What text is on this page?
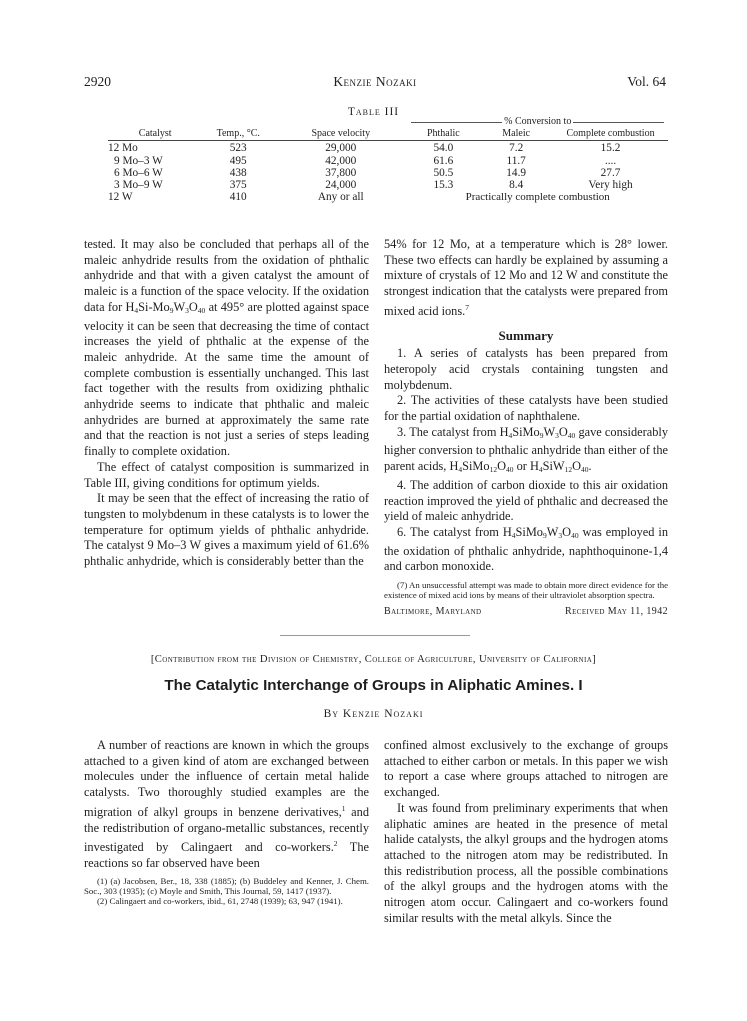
2920	Kenzie Nozaki	Vol. 64
Table III

% Conversion to		
Catalyst	Temp., °C.	Space velocity	Phthalic	Maleic	Complete combustion

12 Mo	523	29,000	54.0	7.2	15.2
9 Mo–3 W	495	42,000	61.6	11.7	....
6 Mo–6 W	438	37,800	50.5	14.9	27.7
3 Mo–9 W	375	24,000	15.3	8.4	Very high
12 W	410	Any or all	Practically complete combustion		

tested. It may also be concluded that perhaps all of the maleic anhydride results from the oxidation of phthalic anhydride and that with a given catalyst the amount of maleic is a function of the space velocity. If the oxidation data for $H_4Si-Mo_9W_3O_{40}$ at 495° are plotted against space velocity it can be seen that decreasing the time of contact increases the yield of phthalic at the expense of the maleic anhydride. At the same time the amount of complete combustion is essentially unchanged. This last fact together with the results from oxidizing phthalic anhydride seems to indicate that phthalic and maleic anhydrides are burned at approximately the same rate and that the reaction is not just a series of steps leading finally to complete oxidation.

The effect of catalyst composition is summarized in Table III, giving conditions for optimum yields.

It may be seen that the effect of increasing the ratio of tungsten to molybdenum in these catalysts is to lower the temperature for optimum yields of phthalic anhydride. The catalyst 9 Mo–3 W gives a maximum yield of 61.6% phthalic anhydride, which is considerably better than the

54% for 12 Mo, at a temperature which is 28° lower. These two effects can hardly be explained by assuming a mixture of crystals of 12 Mo and 12 W and constitute the strongest indication that the catalysts were prepared from mixed acid ions.$^7$

Summary

1. A series of catalysts has been prepared from heteropoly acid crystals containing tungsten and molybdenum.

2. The activities of these catalysts have been studied for the partial oxidation of naphthalene.

3. The catalyst from $H_4SiMo_9W_3O_{40}$ gave considerably higher conversion to phthalic anhydride than either of the parent acids, $H_4SiMo_{12}O_{40}$ or $H_4SiW_{12}O_{40}$.

4. The addition of carbon dioxide to this air oxidation reaction improved the yield of phthalic and decreased the yield of maleic anhydride.

6. The catalyst from $H_4SiMo_9W_3O_{40}$ was employed in the oxidation of phthalic anhydride, naphthoquinone-1,4 and carbon monoxide.

(7) An unsuccessful attempt was made to obtain more direct evidence for the existence of mixed acid ions by means of their ultraviolet absorption spectra.

Baltimore, Maryland	Received May 11, 1942

[Contribution from the Division of Chemistry, College of Agriculture, University of California]
The Catalytic Interchange of Groups in Aliphatic Amines. I
By Kenzie Nozaki

A number of reactions are known in which the groups attached to a given kind of atom are exchanged between molecules under the influence of certain metal halide catalysts. Two thoroughly studied examples are the migration of alkyl groups in benzene derivatives,$^1$ and the redistribution of organo-metallic substances, recently investigated by Calingaert and co-workers.$^2$ The reactions so far observed have been

(1) (a) Jacobsen, Ber., 18, 338 (1885); (b) Buddeley and Kenner, J. Chem. Soc., 303 (1935); (c) Moyle and Smith, This Journal, 59, 1417 (1937).

(2) Calingaert and co-workers, ibid., 61, 2748 (1939); 63, 947 (1941).

confined almost exclusively to the exchange of groups attached to either carbon or metals. In this paper we wish to report a case where groups attached to nitrogen are exchanged.

It was found from preliminary experiments that when aliphatic amines are heated in the presence of metal halide catalysts, the alkyl groups and the hydrogen atoms attached to the nitrogen atom may be redistributed. In this redistribution process, all the possible combinations of the alkyl groups and the hydrogen atoms with the nitrogen atom occur. Calingaert and co-workers found similar results with the metal alkyls. Since the
